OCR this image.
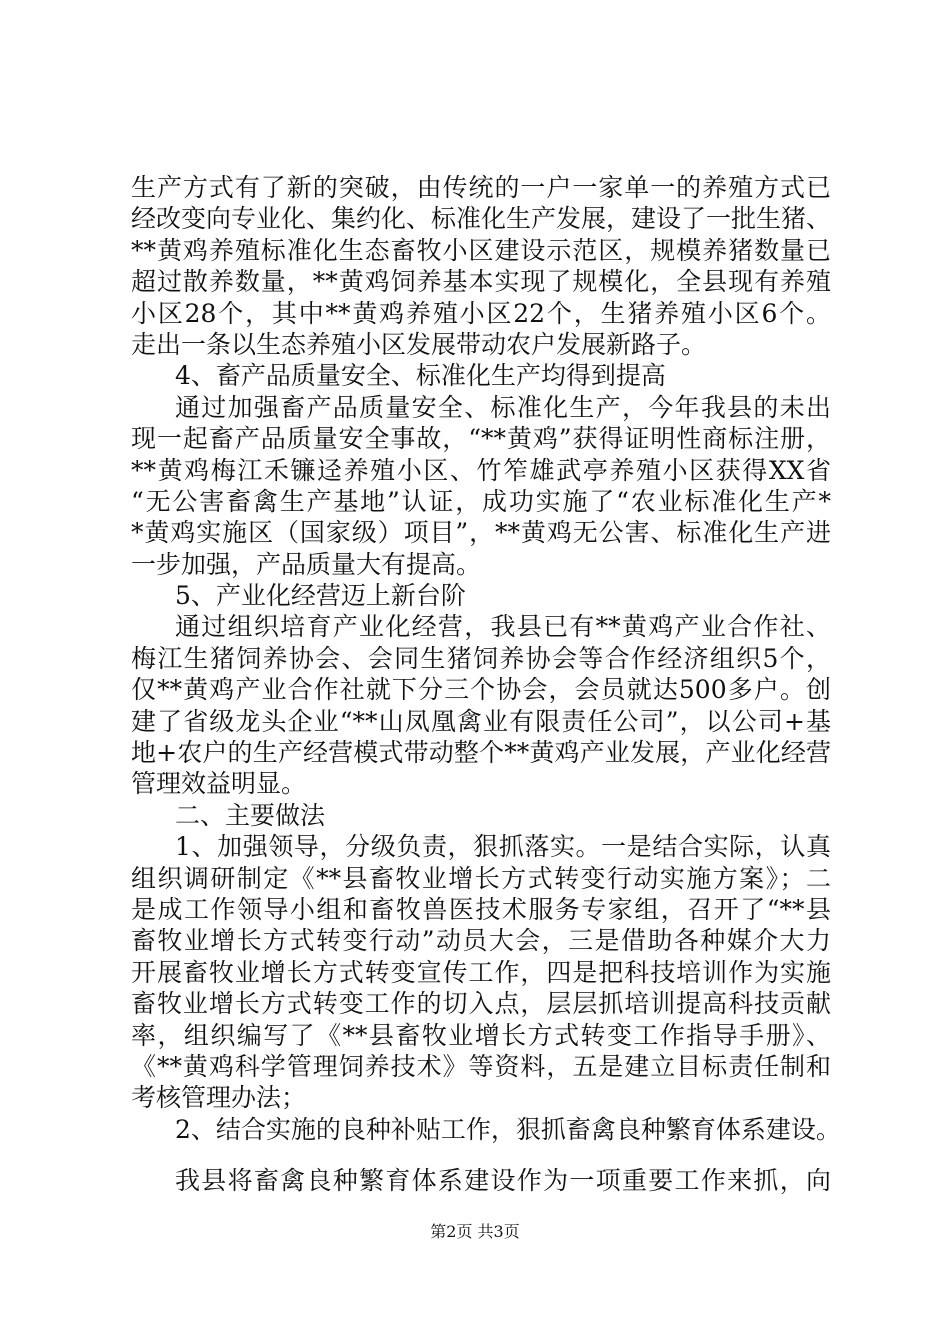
生产方式有了新的突破，由传统的一户一家单一的养殖方式已
经改变向专业化、集约化、标准化生产发展，建设了一批生猪、
**黄鸡养殖标准化生态畜牧小区建设示范区，规模养猪数量已
超过散养数量，**黄鸡饲养基本实现了规模化，全县现有养殖
小区28个，其中**黄鸡养殖小区22个，生猪养殖小区6个。
走出一条以生态养殖小区发展带动农户发展新路子。
4、畜产品质量安全、标准化生产均得到提高
通过加强畜产品质量安全、标准化生产，今年我县的未出
现一起畜产品质量安全事故，“**黄鸡”获得证明性商标注册，
**黄鸡梅江禾镰迳养殖小区、竹笮雄武亭养殖小区获得XX省
“无公害畜禽生产基地”认证，成功实施了“农业标准化生产*
*黄鸡实施区（国家级）项目”，**黄鸡无公害、标准化生产进
一步加强，产品质量大有提高。
5、产业化经营迈上新台阶
通过组织培育产业化经营，我县已有**黄鸡产业合作社、
梅江生猪饲养协会、会同生猪饲养协会等合作经济组织5个，
仅**黄鸡产业合作社就下分三个协会，会员就达500多户。创
建了省级龙头企业“**山凤凰禽业有限责任公司”，以公司+基
地+农户的生产经营模式带动整个**黄鸡产业发展，产业化经营
管理效益明显。
二、主要做法
1、加强领导，分级负责，狠抓落实。一是结合实际，认真
组织调研制定《**县畜牧业增长方式转变行动实施方案》；二
是成工作领导小组和畜牧兽医技术服务专家组，召开了“**县
畜牧业增长方式转变行动”动员大会，三是借助各种媒介大力
开展畜牧业增长方式转变宣传工作，四是把科技培训作为实施
畜牧业增长方式转变工作的切入点，层层抓培训提高科技贡献
率，组织编写了《**县畜牧业增长方式转变工作指导手册》、
《**黄鸡科学管理饲养技术》等资料，五是建立目标责任制和
考核管理办法；
2、结合实施的良种补贴工作，狠抓畜禽良种繁育体系建设。
我县将畜禽良种繁育体系建设作为一项重要工作来抓，向
第2页 共3页
